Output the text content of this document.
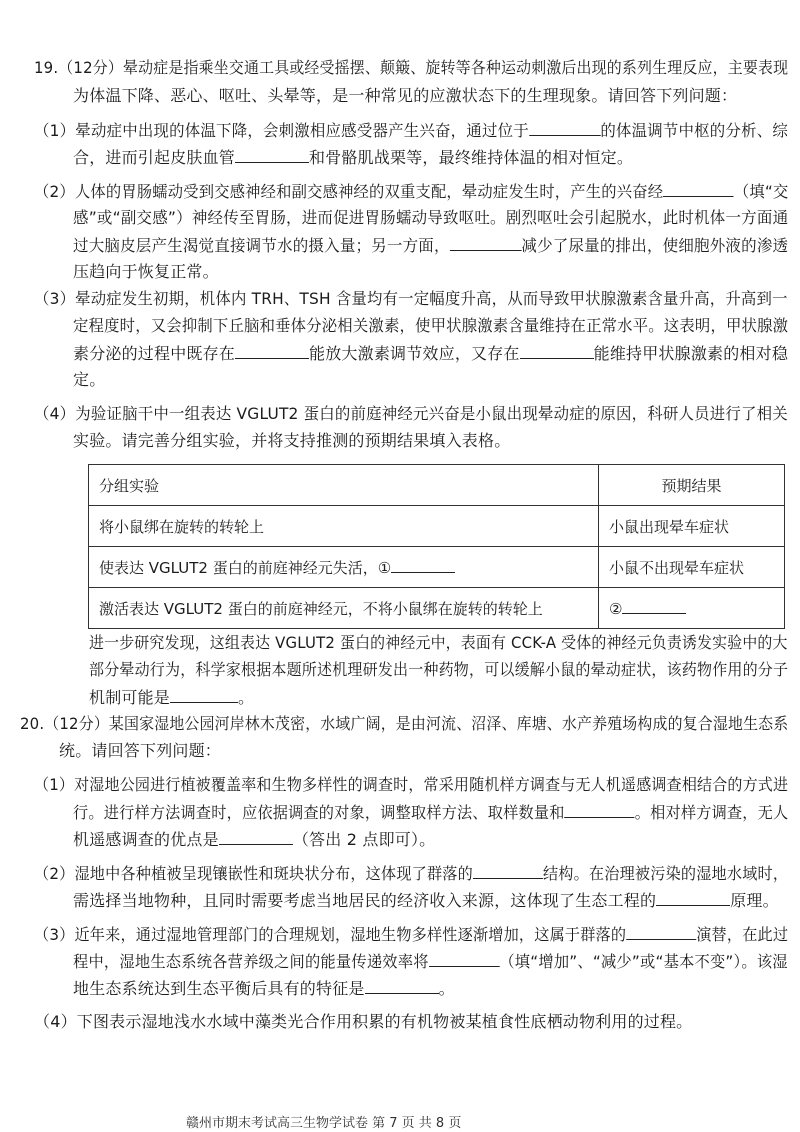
19.（12分）晕动症是指乘坐交通工具或经受摇摆、颠簸、旋转等各种运动刺激后出现的系列生理反应，主要表现
为体温下降、恶心、呕吐、头晕等，是一种常见的应激状态下的生理现象。请回答下列问题：
（1）晕动症中出现的体温下降，会刺激相应感受器产生兴奋，通过位于	的体温调节中枢的分析、综
合，进而引起皮肤血管	和骨骼肌战栗等，最终维持体温的相对恒定。
（2）人体的胃肠蠕动受到交感神经和副交感神经的双重支配，晕动症发生时，产生的兴奋经	（填“交
感”或“副交感”）神经传至胃肠，进而促进胃肠蠕动导致呕吐。剧烈呕吐会引起脱水，此时机体一方面通
过大脑皮层产生渴觉直接调节水的摄入量；另一方面，	减少了尿量的排出，使细胞外液的渗透
压趋向于恢复正常。
（3）晕动症发生初期，机体内 TRH、TSH 含量均有一定幅度升高，从而导致甲状腺激素含量升高，升高到一
定程度时，又会抑制下丘脑和垂体分泌相关激素，使甲状腺激素含量维持在正常水平。这表明，甲状腺激
素分泌的过程中既存在	能放大激素调节效应，又存在	能维持甲状腺激素的相对稳
定。
（4）为验证脑干中一组表达 VGLUT2 蛋白的前庭神经元兴奋是小鼠出现晕动症的原因，科研人员进行了相关
实验。请完善分组实验，并将支持推测的预期结果填入表格。
分组实验	预期结果
将小鼠绑在旋转的转轮上	小鼠出现晕车症状
使表达 VGLUT2 蛋白的前庭神经元失活，①	小鼠不出现晕车症状
激活表达 VGLUT2 蛋白的前庭神经元，不将小鼠绑在旋转的转轮上	②
进一步研究发现，这组表达 VGLUT2 蛋白的神经元中，表面有 CCK-A 受体的神经元负责诱发实验中的大
部分晕动行为，科学家根据本题所述机理研发出一种药物，可以缓解小鼠的晕动症状，该药物作用的分子
机制可能是	。
20.（12分）某国家湿地公园河岸林木茂密，水域广阔，是由河流、沼泽、库塘、水产养殖场构成的复合湿地生态系
统。请回答下列问题：
（1）对湿地公园进行植被覆盖率和生物多样性的调查时，常采用随机样方调查与无人机遥感调查相结合的方式进
行。进行样方法调查时，应依据调查的对象，调整取样方法、取样数量和	。相对样方调查，无人
机遥感调查的优点是	（答出 2 点即可）。
（2）湿地中各种植被呈现镶嵌性和斑块状分布，这体现了群落的	结构。在治理被污染的湿地水域时，
需选择当地物种，且同时需要考虑当地居民的经济收入来源，这体现了生态工程的	原理。
（3）近年来，通过湿地管理部门的合理规划，湿地生物多样性逐渐增加，这属于群落的	演替，在此过
程中，湿地生态系统各营养级之间的能量传递效率将	（填“增加”、“减少”或“基本不变”）。该湿
地生态系统达到生态平衡后具有的特征是	。
（4）下图表示湿地浅水水域中藻类光合作用积累的有机物被某植食性底栖动物利用的过程。
赣州市期末考试高三生物学试卷 第 7 页 共 8 页
